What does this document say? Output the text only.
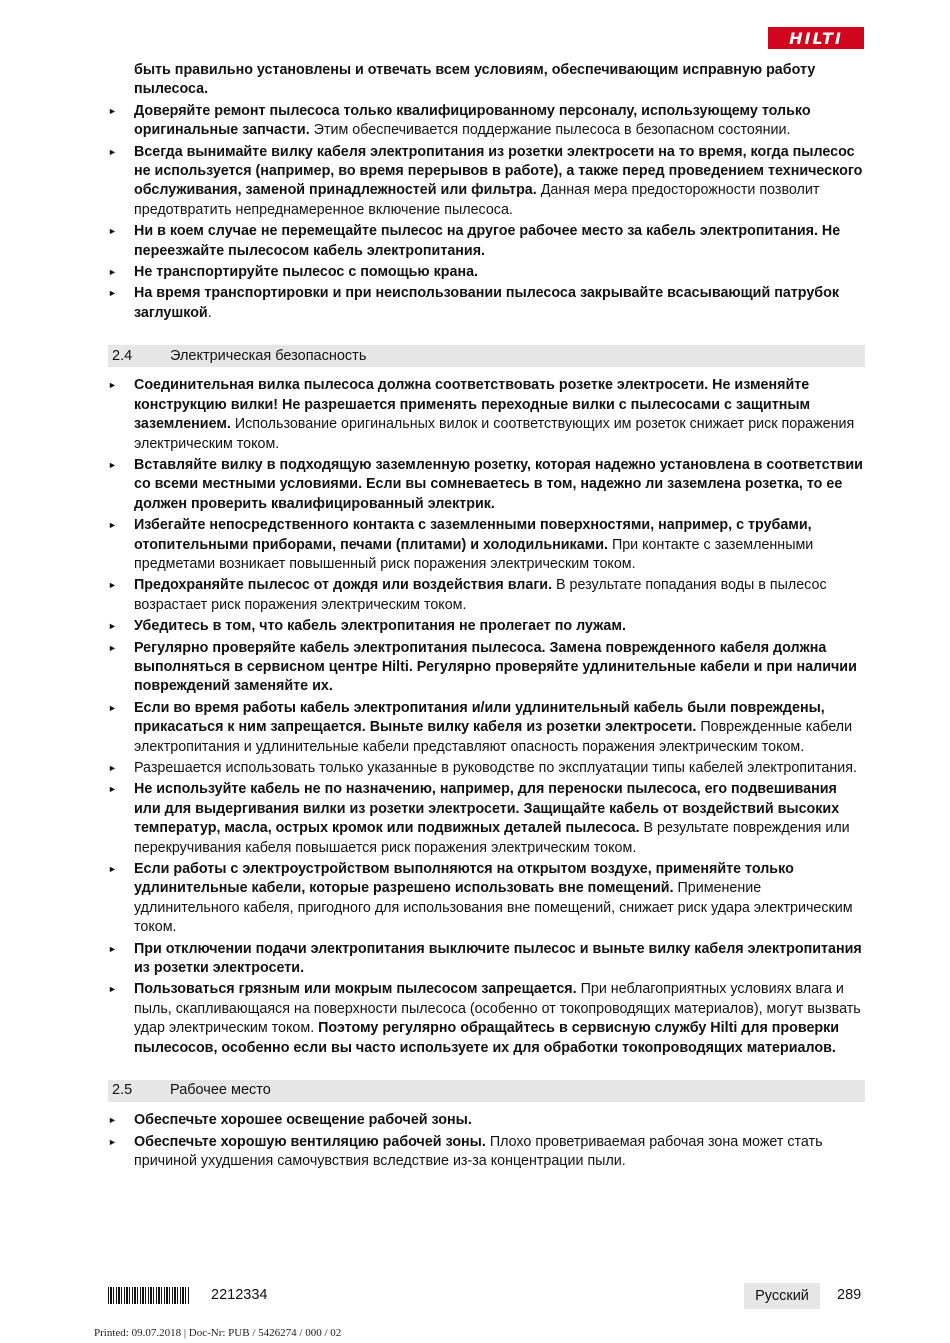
HILTI
быть правильно установлены и отвечать всем условиям, обеспечивающим исправную работу пылесоса.
► Доверяйте ремонт пылесоса только квалифицированному персоналу, использующему только оригинальные запчасти. Этим обеспечивается поддержание пылесоса в безопасном состоянии.
► Всегда вынимайте вилку кабеля электропитания из розетки электросети на то время, когда пылесос не используется (например, во время перерывов в работе), а также перед проведением технического обслуживания, заменой принадлежностей или фильтра. Данная мера предосторожности позволит предотвратить непреднамеренное включение пылесоса.
► Ни в коем случае не перемещайте пылесос на другое рабочее место за кабель электропитания. Не переезжайте пылесосом кабель электропитания.
► Не транспортируйте пылесос с помощью крана.
► На время транспортировки и при неиспользовании пылесоса закрывайте всасывающий патрубок заглушкой.
2.4	Электрическая безопасность
► Соединительная вилка пылесоса должна соответствовать розетке электросети. Не изменяйте конструкцию вилки! Не разрешается применять переходные вилки с пылесосами с защитным заземлением. Использование оригинальных вилок и соответствующих им розеток снижает риск поражения электрическим током.
► Вставляйте вилку в подходящую заземленную розетку, которая надежно установлена в соответствии со всеми местными условиями. Если вы сомневаетесь в том, надежно ли заземлена розетка, то ее должен проверить квалифицированный электрик.
► Избегайте непосредственного контакта с заземленными поверхностями, например, с трубами, отопительными приборами, печами (плитами) и холодильниками. При контакте с заземленными предметами возникает повышенный риск поражения электрическим током.
► Предохраняйте пылесос от дождя или воздействия влаги. В результате попадания воды в пылесос возрастает риск поражения электрическим током.
► Убедитесь в том, что кабель электропитания не пролегает по лужам.
► Регулярно проверяйте кабель электропитания пылесоса. Замена поврежденного кабеля должна выполняться в сервисном центре Hilti. Регулярно проверяйте удлинительные кабели и при наличии повреждений заменяйте их.
► Если во время работы кабель электропитания и/или удлинительный кабель были повреждены, прикасаться к ним запрещается. Выньте вилку кабеля из розетки электросети. Поврежденные кабели электропитания и удлинительные кабели представляют опасность поражения электрическим током.
► Разрешается использовать только указанные в руководстве по эксплуатации типы кабелей электропитания.
► Не используйте кабель не по назначению, например, для переноски пылесоса, его подвешивания или для выдергивания вилки из розетки электросети. Защищайте кабель от воздействий высоких температур, масла, острых кромок или подвижных деталей пылесоса. В результате повреждения или перекручивания кабеля повышается риск поражения электрическим током.
► Если работы с электроустройством выполняются на открытом воздухе, применяйте только удлинительные кабели, которые разрешено использовать вне помещений. Применение удлинительного кабеля, пригодного для использования вне помещений, снижает риск удара электрическим током.
► При отключении подачи электропитания выключите пылесос и выньте вилку кабеля электропитания из розетки электросети.
► Пользоваться грязным или мокрым пылесосом запрещается. При неблагоприятных условиях влага и пыль, скапливающаяся на поверхности пылесоса (особенно от токопроводящих материалов), могут вызвать удар электрическим током. Поэтому регулярно обращайтесь в сервисную службу Hilti для проверки пылесосов, особенно если вы часто используете их для обработки токопроводящих материалов.
2.5	Рабочее место
► Обеспечьте хорошее освещение рабочей зоны.
► Обеспечьте хорошую вентиляцию рабочей зоны. Плохо проветриваемая рабочая зона может стать причиной ухудшения самочувствия вследствие из-за концентрации пыли.
2212334	Русский 289
Printed: 09.07.2018 | Doc-Nr: PUB / 5426274 / 000 / 02
